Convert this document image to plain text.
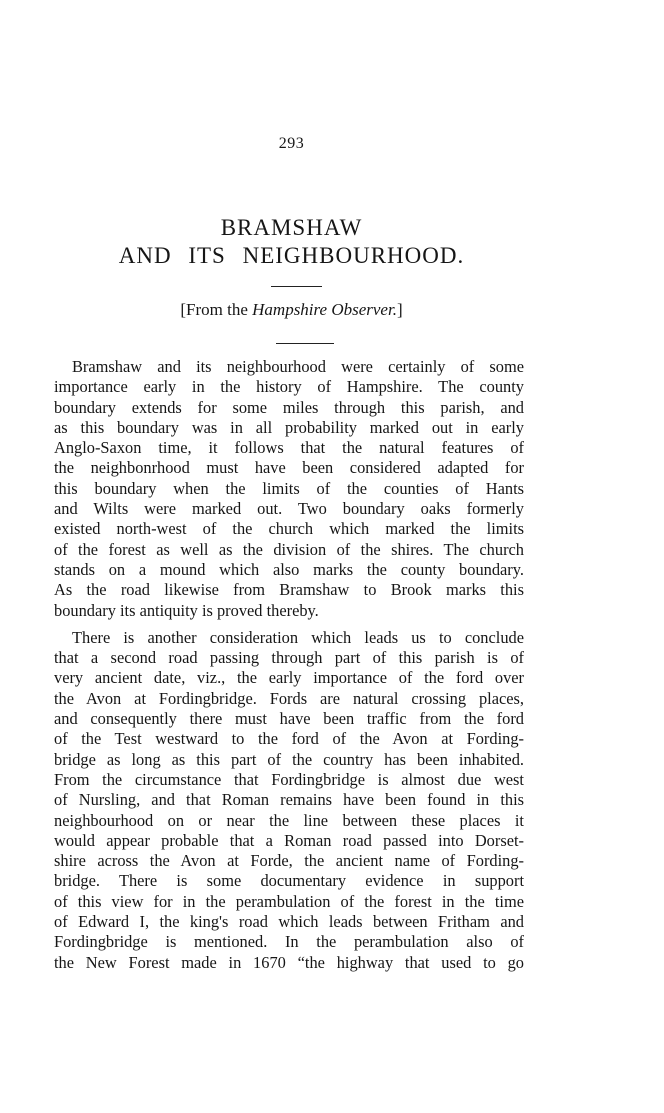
293
BRAMSHAW
AND ITS NEIGHBOURHOOD.
[From the Hampshire Observer.]
Bramshaw and its neighbourhood were certainly of some
importance early in the history of Hampshire. The county
boundary extends for some miles through this parish, and
as this boundary was in all probability marked out in early
Anglo-Saxon time, it follows that the natural features of
the neighbonrhood must have been considered adapted for
this boundary when the limits of the counties of Hants
and Wilts were marked out. Two boundary oaks formerly
existed north-west of the church which marked the limits
of the forest as well as the division of the shires. The church
stands on a mound which also marks the county boundary.
As the road likewise from Bramshaw to Brook marks this
boundary its antiquity is proved thereby.
There is another consideration which leads us to conclude
that a second road passing through part of this parish is of
very ancient date, viz., the early importance of the ford over
the Avon at Fordingbridge. Fords are natural crossing places,
and consequently there must have been traffic from the ford
of the Test westward to the ford of the Avon at Fording-
bridge as long as this part of the country has been inhabited.
From the circumstance that Fordingbridge is almost due west
of Nursling, and that Roman remains have been found in this
neighbourhood on or near the line between these places it
would appear probable that a Roman road passed into Dorset-
shire across the Avon at Forde, the ancient name of Fording-
bridge. There is some documentary evidence in support
of this view for in the perambulation of the forest in the time
of Edward I, the king's road which leads between Fritham and
Fordingbridge is mentioned. In the perambulation also of
the New Forest made in 1670 “the highway that used to go
